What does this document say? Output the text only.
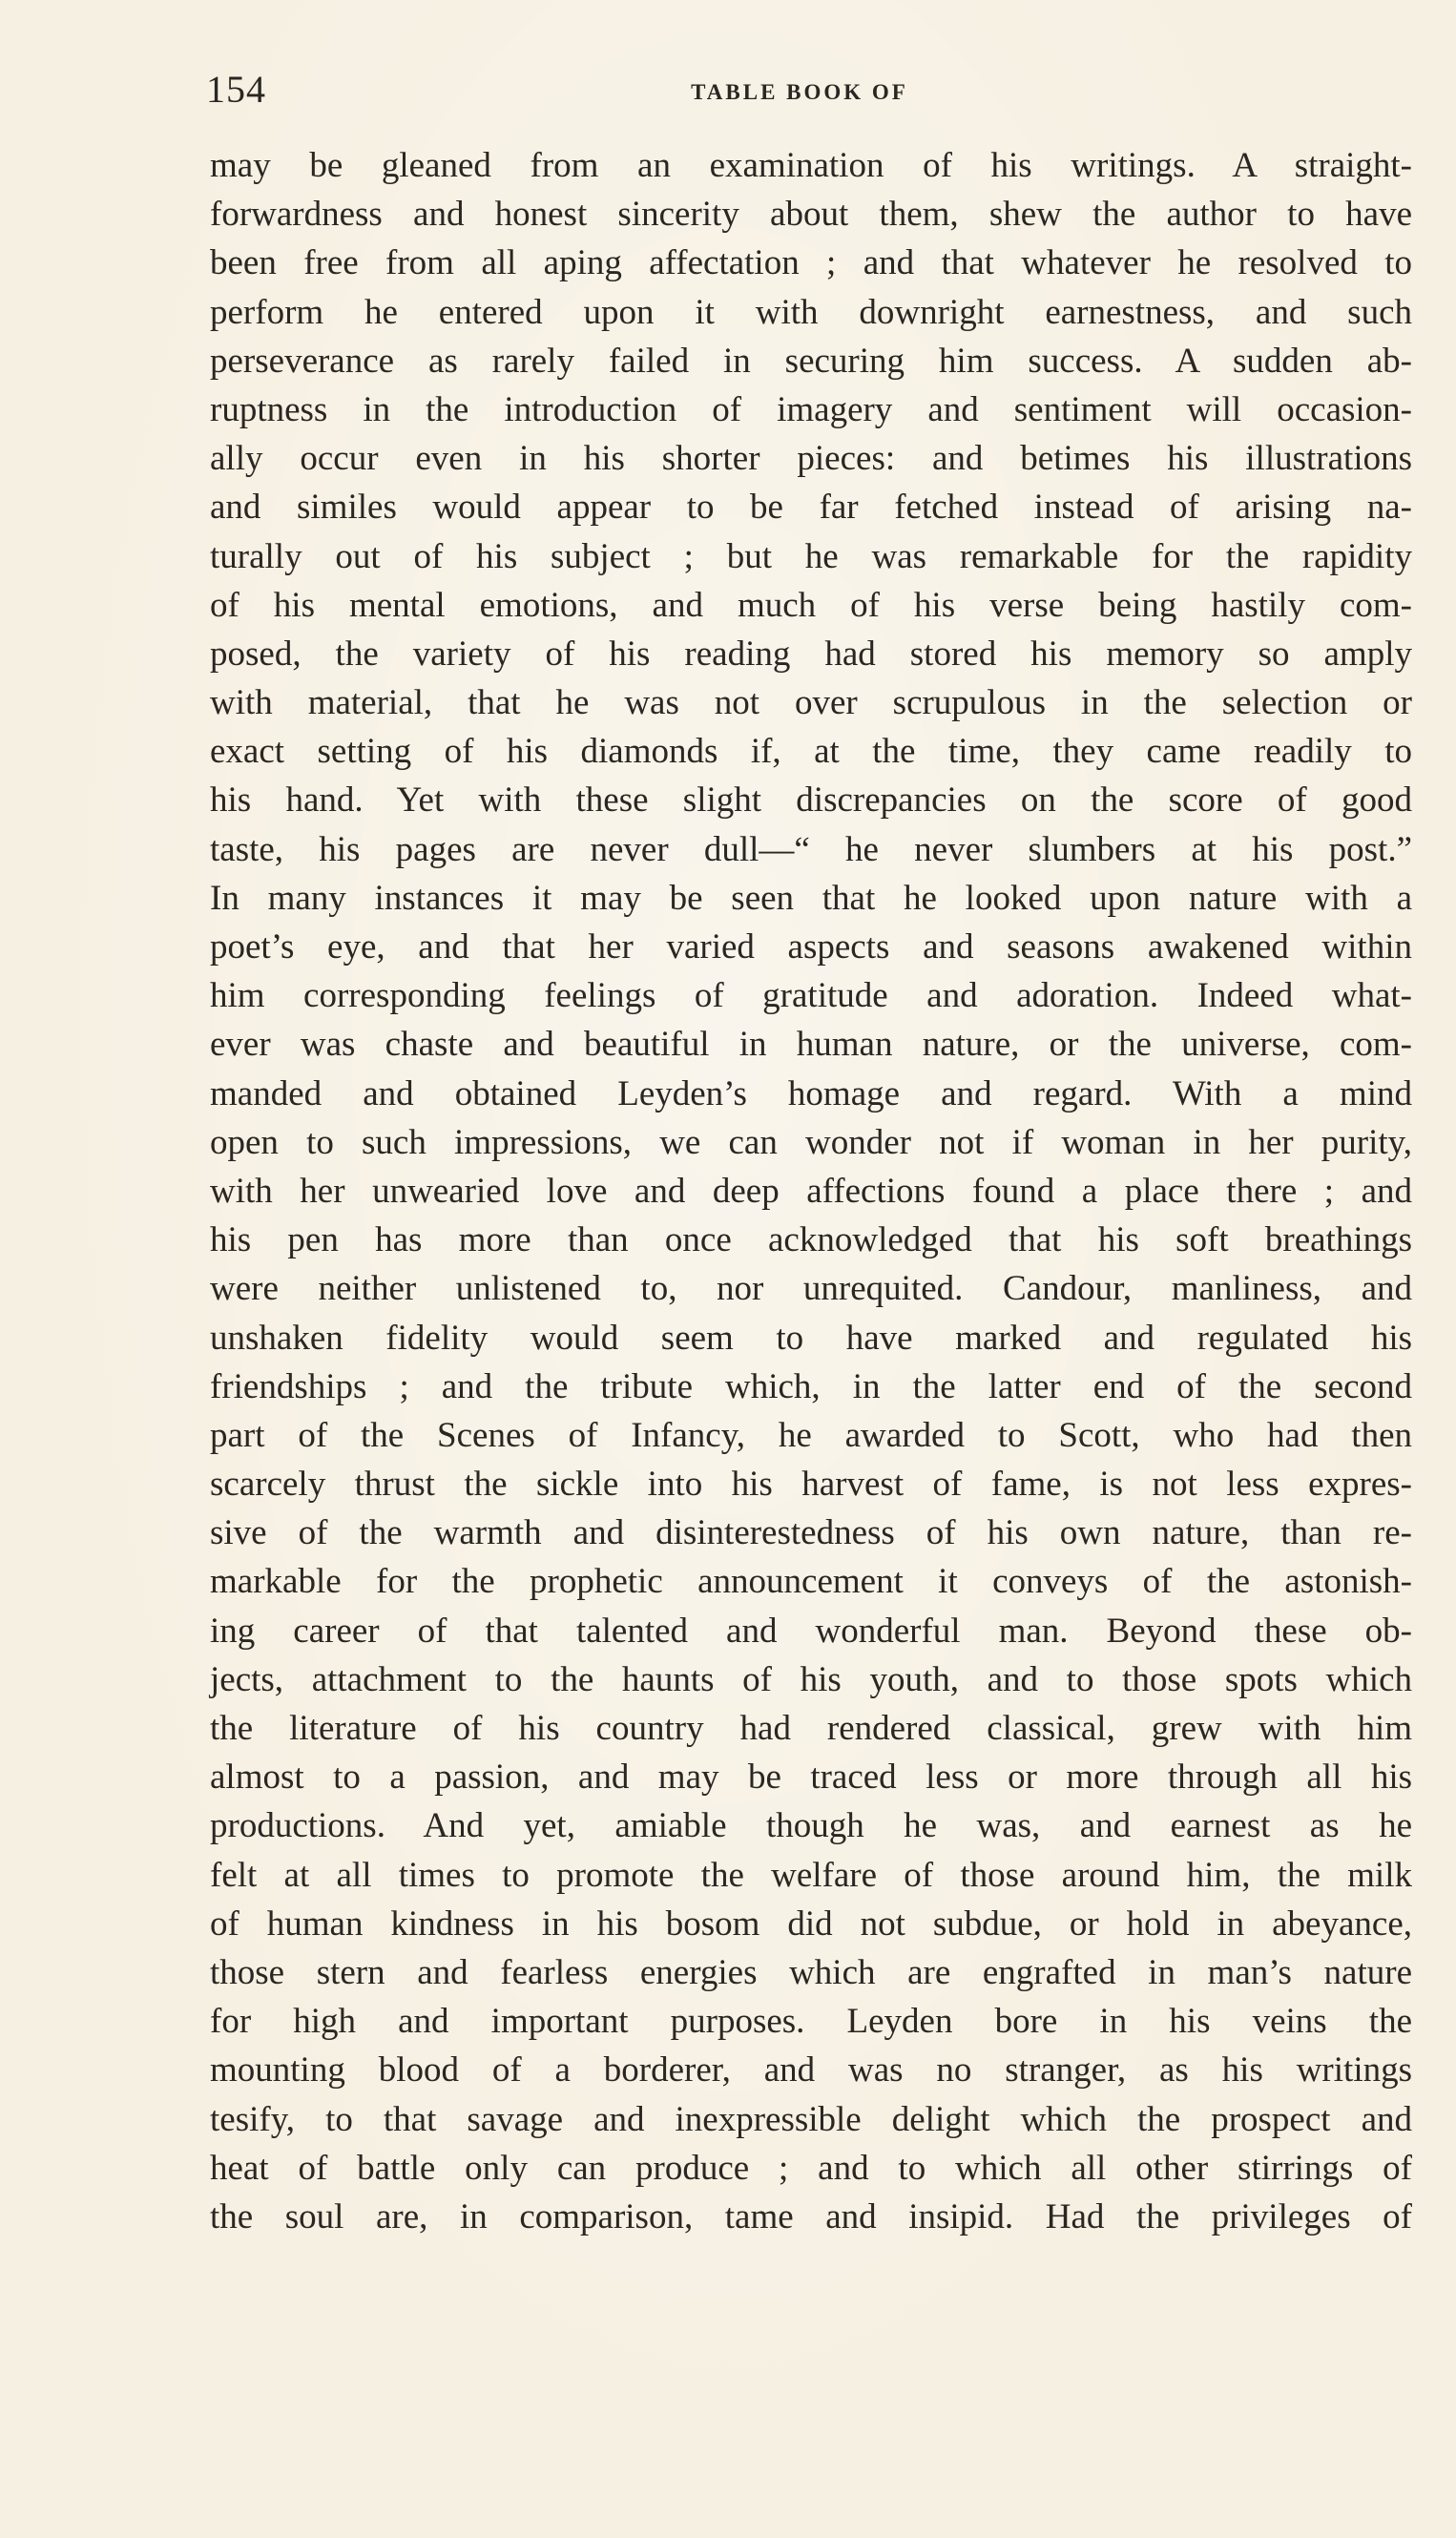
154	TABLE BOOK OF
may be gleaned from an examination of his writings. A straight-
forwardness and honest sincerity about them, shew the author to have
been free from all aping affectation ; and that whatever he resolved to
perform he entered upon it with downright earnestness, and such
perseverance as rarely failed in securing him success. A sudden ab-
ruptness in the introduction of imagery and sentiment will occasion-
ally occur even in his shorter pieces: and betimes his illustrations
and similes would appear to be far fetched instead of arising na-
turally out of his subject ; but he was remarkable for the rapidity
of his mental emotions, and much of his verse being hastily com-
posed, the variety of his reading had stored his memory so amply
with material, that he was not over scrupulous in the selection or
exact setting of his diamonds if, at the time, they came readily to
his hand. Yet with these slight discrepancies on the score of good
taste, his pages are never dull—“ he never slumbers at his post.”
In many instances it may be seen that he looked upon nature with a
poet’s eye, and that her varied aspects and seasons awakened within
him corresponding feelings of gratitude and adoration. Indeed what-
ever was chaste and beautiful in human nature, or the universe, com-
manded and obtained Leyden’s homage and regard. With a mind
open to such impressions, we can wonder not if woman in her purity,
with her unwearied love and deep affections found a place there ; and
his pen has more than once acknowledged that his soft breathings
were neither unlistened to, nor unrequited. Candour, manliness, and
unshaken fidelity would seem to have marked and regulated his
friendships ; and the tribute which, in the latter end of the second
part of the Scenes of Infancy, he awarded to Scott, who had then
scarcely thrust the sickle into his harvest of fame, is not less expres-
sive of the warmth and disinterestedness of his own nature, than re-
markable for the prophetic announcement it conveys of the astonish-
ing career of that talented and wonderful man. Beyond these ob-
jects, attachment to the haunts of his youth, and to those spots which
the literature of his country had rendered classical, grew with him
almost to a passion, and may be traced less or more through all his
productions. And yet, amiable though he was, and earnest as he
felt at all times to promote the welfare of those around him, the milk
of human kindness in his bosom did not subdue, or hold in abeyance,
those stern and fearless energies which are engrafted in man’s nature
for high and important purposes. Leyden bore in his veins the
mounting blood of a borderer, and was no stranger, as his writings
tesify, to that savage and inexpressible delight which the prospect and
heat of battle only can produce ; and to which all other stirrings of
the soul are, in comparison, tame and insipid. Had the privileges of
